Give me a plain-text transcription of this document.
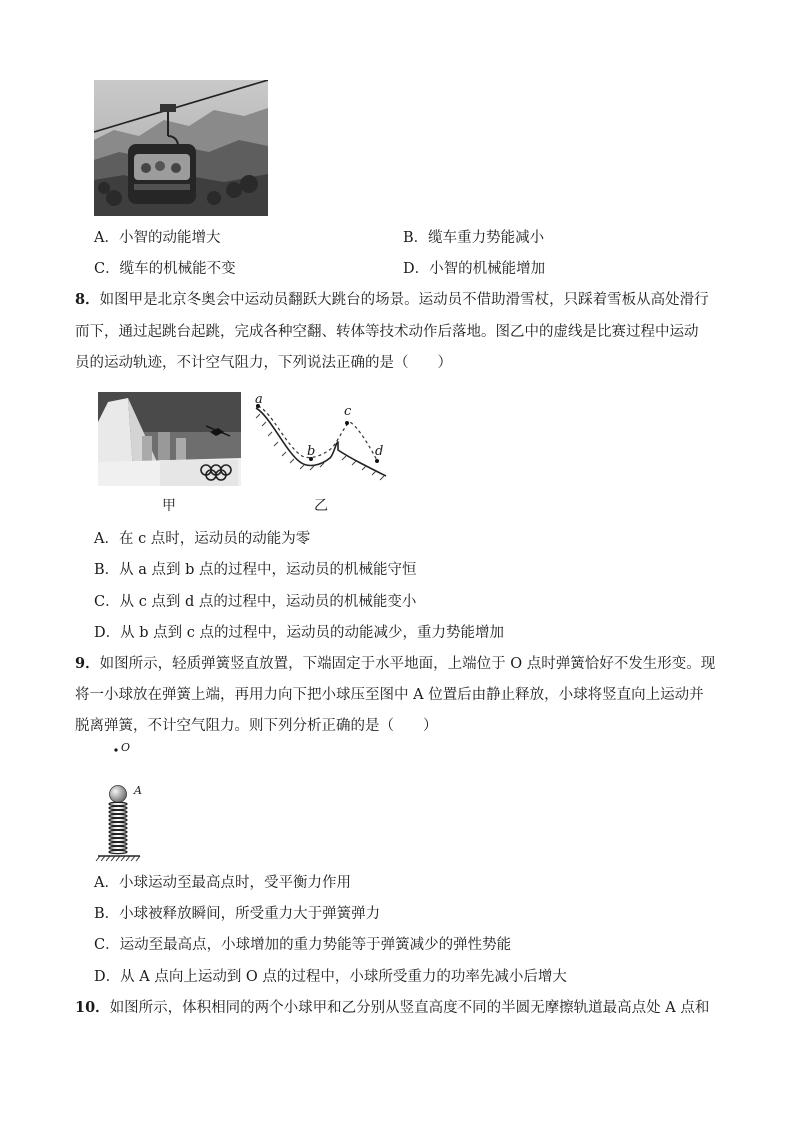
A．小智的动能增大	B．缆车重力势能减小
C．缆车的机械能不变	D．小智的机械能增加
8．如图甲是北京冬奥会中运动员翻跃大跳台的场景。运动员不借助滑雪杖，只踩着雪板从高处滑行
而下，通过起跳台起跳，完成各种空翻、转体等技术动作后落地。图乙中的虚线是比赛过程中运动
员的运动轨迹，不计空气阻力，下列说法正确的是（　　）
a
b
c
d
甲	乙
A．在 c 点时，运动员的动能为零
B．从 a 点到 b 点的过程中，运动员的机械能守恒
C．从 c 点到 d 点的过程中，运动员的机械能变小
D．从 b 点到 c 点的过程中，运动员的动能减少，重力势能增加
9．如图所示，轻质弹簧竖直放置，下端固定于水平地面，上端位于 O 点时弹簧恰好不发生形变。现
将一小球放在弹簧上端，再用力向下把小球压至图中 A 位置后由静止释放，小球将竖直向上运动并
脱离弹簧，不计空气阻力。则下列分析正确的是（　　）
O
A
A．小球运动至最高点时，受平衡力作用
B．小球被释放瞬间，所受重力大于弹簧弹力
C．运动至最高点，小球增加的重力势能等于弹簧减少的弹性势能
D．从 A 点向上运动到 O 点的过程中，小球所受重力的功率先减小后增大
10．如图所示，体积相同的两个小球甲和乙分别从竖直高度不同的半圆无摩擦轨道最高点处 A 点和
